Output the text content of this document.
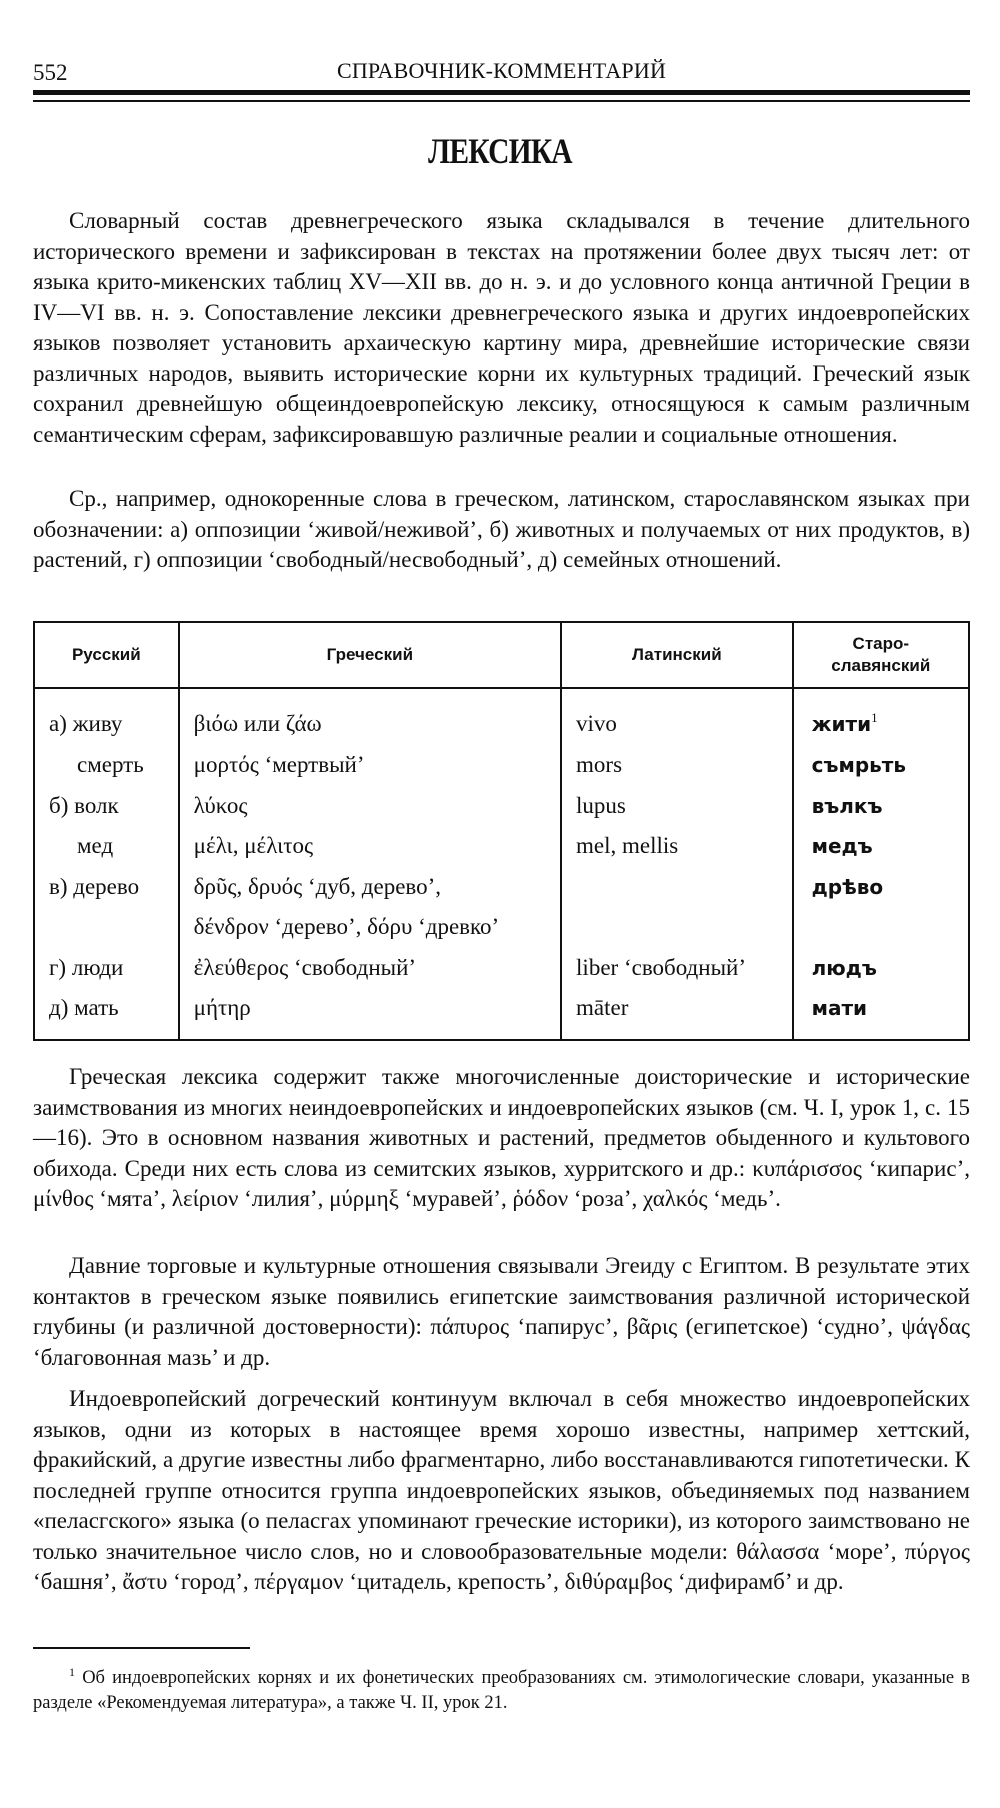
552	СПРАВОЧНИК-КОММЕНТАРИЙ
ЛЕКСИКА

Словарный состав древнегреческого языка складывался в течение длительного исторического времени и зафиксирован в текстах на протяжении более двух тысяч лет: от языка крито-микенских таблиц XV—XII вв. до н. э. и до условного конца античной Греции в IV—VI вв. н. э. Сопоставление лексики древнегреческого языка и других индоевропейских языков позволяет установить архаическую картину мира, древнейшие исторические связи различных народов, выявить исторические корни их культурных традиций. Греческий язык сохранил древнейшую общеиндоевропейскую лексику, относящуюся к самым различным семантическим сферам, зафиксировавшую различные реалии и социальные отношения.

Ср., например, однокоренные слова в греческом, латинском, старославянском языках при обозначении: а) оппозиции ‘живой/неживой’, б) животных и получаемых от них продуктов, в) растений, г) оппозиции ‘свободный/несвободный’, д) семейных отношений.

Русский	Греческий	Латинский	Старо-
славянский
а) живу	βιόω или ζάω	vivo	жити$^1$
смерть	μορτός ‘мертвый’	mors	съмрьть
б) волк	λύκος	lupus	вълкъ
мед	μέλι, μέλιτος	mel, mellis	медъ
в) дерево	δρῦς, δρυός ‘дуб, дерево’,		дрѣво
	δένδρον ‘дерево’, δόρυ ‘древко’		
г) люди	ἐλεύθερος ‘свободный’	liber ‘свободный’	людъ
д) мать	μήτηρ	māter	мати

Греческая лексика содержит также многочисленные доисторические и исторические заимствования из многих неиндоевропейских и индоевропейских языков (см. Ч. I, урок 1, с. 15—16). Это в основном названия животных и растений, предметов обыденного и культового обихода. Среди них есть слова из семитских языков, хурритского и др.: κυπάρισσος ‘кипарис’, μίνθος ‘мята’, λείριον ‘лилия’, μύρμηξ ‘муравей’, ῥόδον ‘роза’, χαλκός ‘медь’.

Давние торговые и культурные отношения связывали Эгеиду с Египтом. В результате этих контактов в греческом языке появились египетские заимствования различной исторической глубины (и различной достоверности): πάπυρος ‘папирус’, βᾶρις (египетское) ‘судно’, ψάγδας ‘благовонная мазь’ и др.

Индоевропейский догреческий континуум включал в себя множество индоевропейских языков, одни из которых в настоящее время хорошо известны, например хеттский, фракийский, а другие известны либо фрагментарно, либо восстанавливаются гипотетически. К последней группе относится группа индоевропейских языков, объединяемых под названием «пеласгского» языка (о пеласгах упоминают греческие историки), из которого заимствовано не только значительное число слов, но и словообразовательные модели: θάλασσα ‘море’, πύργος ‘башня’, ἄστυ ‘город’, πέργαμον ‘цитадель, крепость’, διθύραμβος ‘дифирамб’ и др.

$^1$ Об индоевропейских корнях и их фонетических преобразованиях см. этимологические словари, указанные в разделе «Рекомендуемая литература», а также Ч. II, урок 21.
